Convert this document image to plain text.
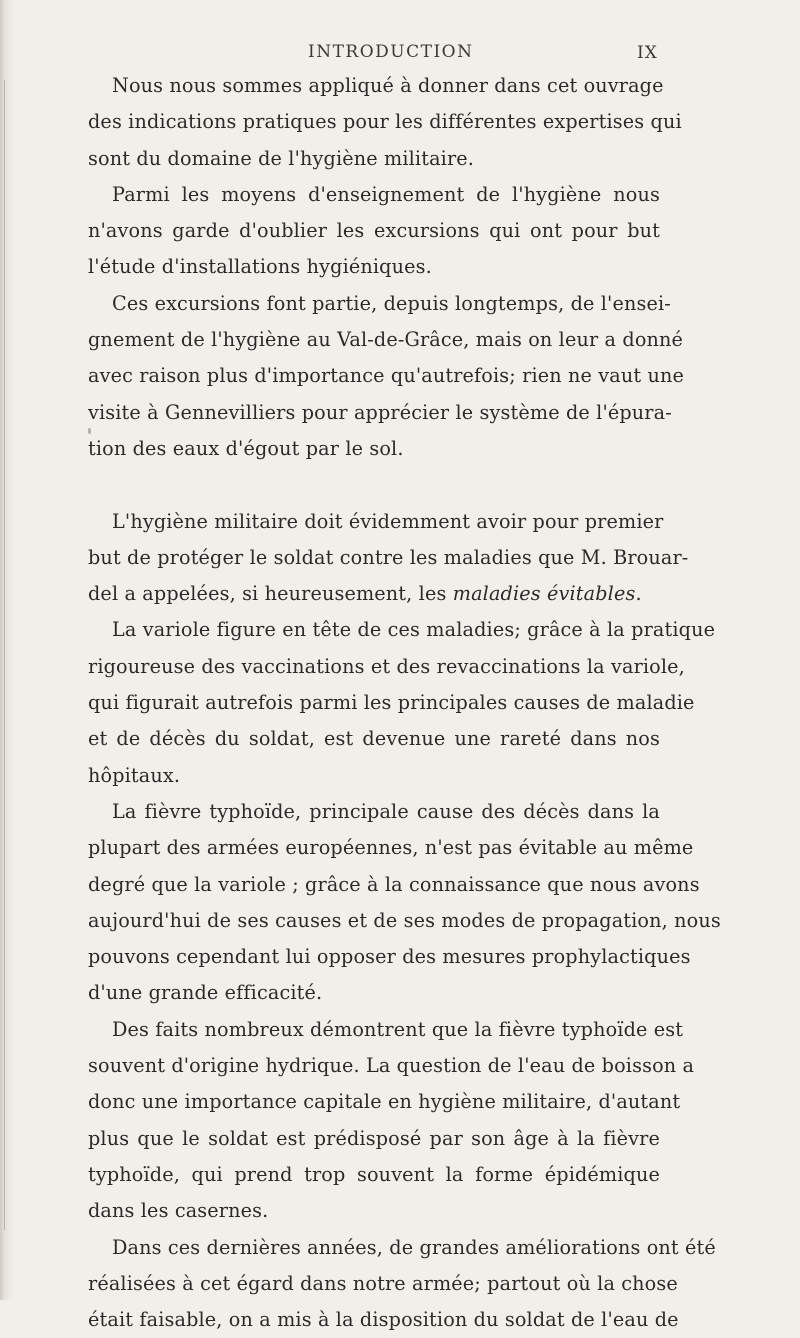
INTRODUCTION	IX
Nous nous sommes appliqué à donner dans cet ouvrage
des indications pratiques pour les différentes expertises qui
sont du domaine de l'hygiène militaire.
Parmi les moyens d'enseignement de l'hygiène nous
n'avons garde d'oublier les excursions qui ont pour but
l'étude d'installations hygiéniques.
Ces excursions font partie, depuis longtemps, de l'ensei-
gnement de l'hygiène au Val-de-Grâce, mais on leur a donné
avec raison plus d'importance qu'autrefois; rien ne vaut une
visite à Gennevilliers pour apprécier le système de l'épura-
tion des eaux d'égout par le sol.
L'hygiène militaire doit évidemment avoir pour premier
but de protéger le soldat contre les maladies que M. Brouar-
del a appelées, si heureusement, les maladies évitables.
La variole figure en tête de ces maladies; grâce à la pratique
rigoureuse des vaccinations et des revaccinations la variole,
qui figurait autrefois parmi les principales causes de maladie
et de décès du soldat, est devenue une rareté dans nos
hôpitaux.
La fièvre typhoïde, principale cause des décès dans la
plupart des armées européennes, n'est pas évitable au même
degré que la variole ; grâce à la connaissance que nous avons
aujourd'hui de ses causes et de ses modes de propagation, nous
pouvons cependant lui opposer des mesures prophylactiques
d'une grande efficacité.
Des faits nombreux démontrent que la fièvre typhoïde est
souvent d'origine hydrique. La question de l'eau de boisson a
donc une importance capitale en hygiène militaire, d'autant
plus que le soldat est prédisposé par son âge à la fièvre
typhoïde, qui prend trop souvent la forme épidémique
dans les casernes.
Dans ces dernières années, de grandes améliorations ont été
réalisées à cet égard dans notre armée; partout où la chose
était faisable, on a mis à la disposition du soldat de l'eau de
